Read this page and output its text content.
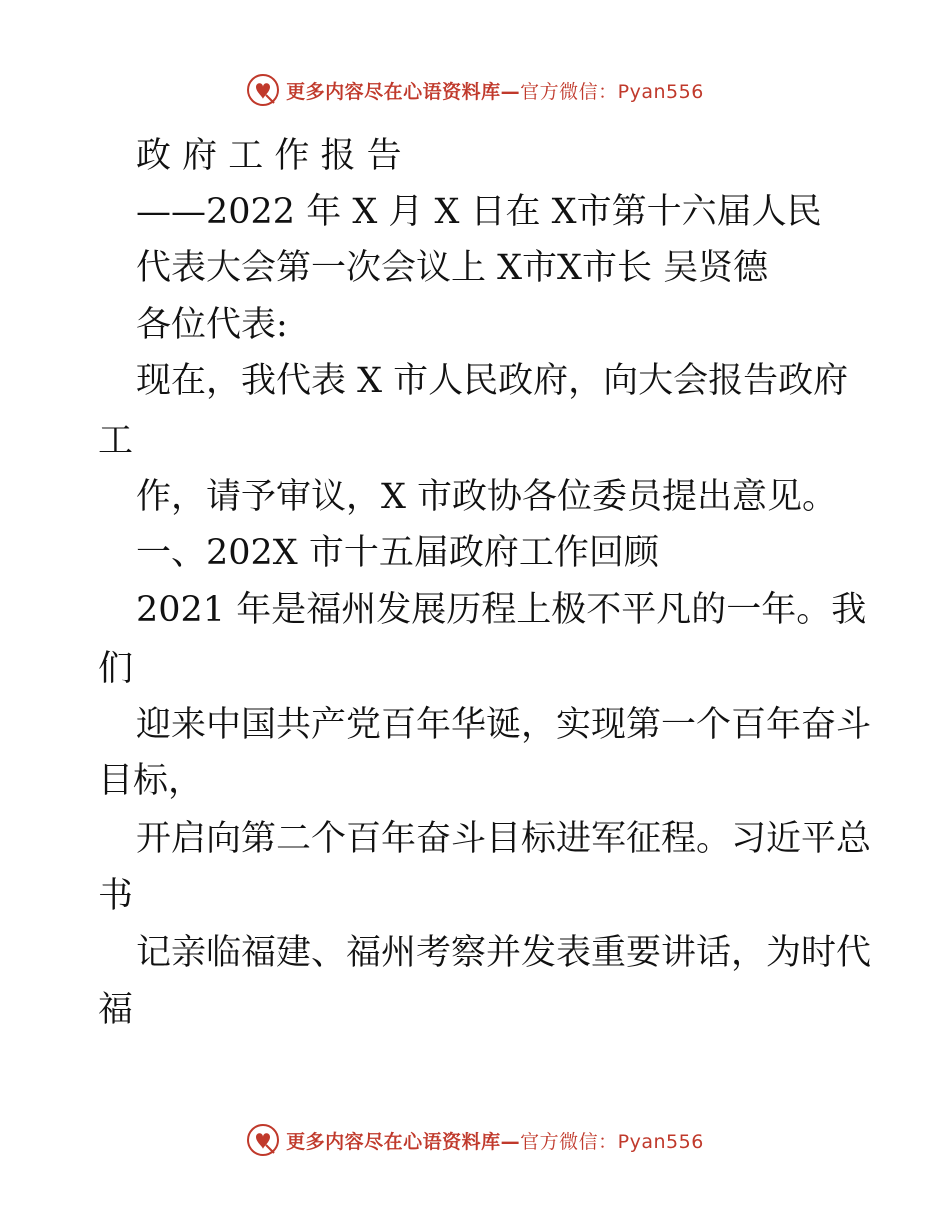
更多内容尽在心语资料库— 官方微信：Pyan556
政 府 工 作 报 告
——2022 年 X 月 X 日在 X市第十六届人民
代表大会第一次会议上 X市X市长 吴贤德
各位代表:
现在，我代表 X 市人民政府，向大会报告政府
工
作，请予审议，X 市政协各位委员提出意见。
一、202X 市十五届政府工作回顾
2021 年是福州发展历程上极不平凡的一年。我
们
迎来中国共产党百年华诞，实现第一个百年奋斗
目标，
开启向第二个百年奋斗目标进军征程。习近平总
书
记亲临福建、福州考察并发表重要讲话，为时代
福
更多内容尽在心语资料库— 官方微信：Pyan556
